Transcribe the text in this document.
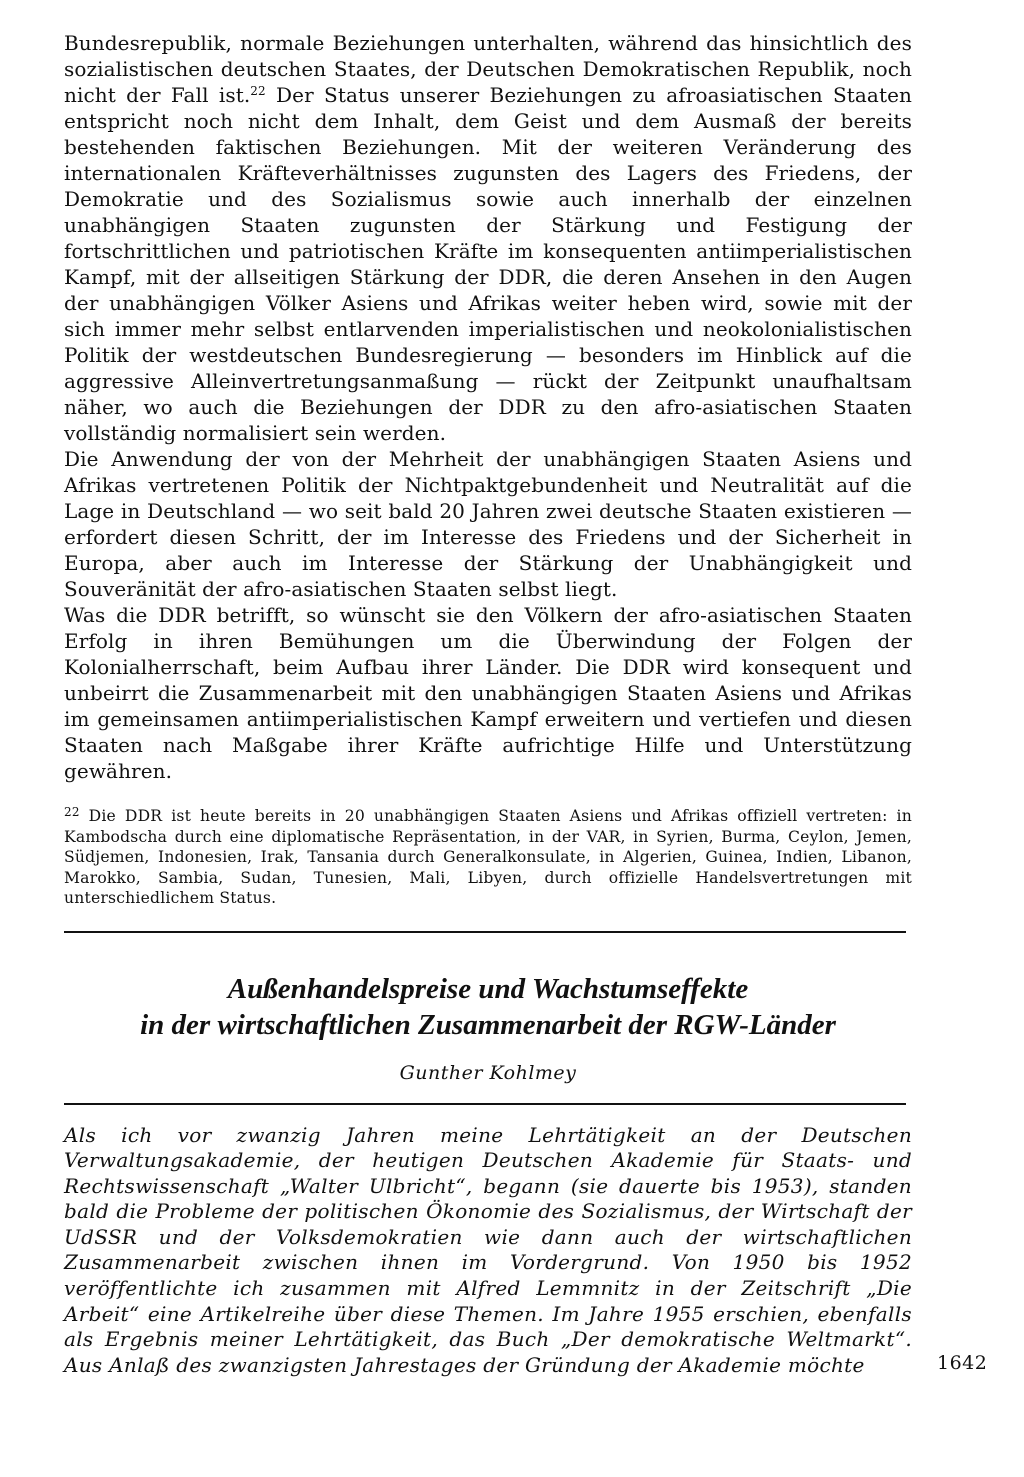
Bundesrepublik, normale Beziehungen unterhalten, während das hinsichtlich des sozialistischen deutschen Staates, der Deutschen Demokratischen Republik, noch nicht der Fall ist.$^{22}$ Der Status unserer Beziehungen zu afroasiatischen Staaten entspricht noch nicht dem Inhalt, dem Geist und dem Ausmaß der bereits bestehenden faktischen Beziehungen. Mit der weiteren Veränderung des internationalen Kräfteverhältnisses zugunsten des Lagers des Friedens, der Demokratie und des Sozialismus sowie auch innerhalb der einzelnen unabhängigen Staaten zugunsten der Stärkung und Festigung der fortschrittlichen und patriotischen Kräfte im konsequenten antiimperialistischen Kampf, mit der allseitigen Stärkung der DDR, die deren Ansehen in den Augen der unabhängigen Völker Asiens und Afrikas weiter heben wird, sowie mit der sich immer mehr selbst entlarvenden imperialistischen und neokolonialistischen Politik der westdeutschen Bundesregierung — besonders im Hinblick auf die aggressive Alleinvertretungsanmaßung — rückt der Zeitpunkt unaufhaltsam näher, wo auch die Beziehungen der DDR zu den afro-asiatischen Staaten vollständig normalisiert sein werden.

Die Anwendung der von der Mehrheit der unabhängigen Staaten Asiens und Afrikas vertretenen Politik der Nichtpaktgebundenheit und Neutralität auf die Lage in Deutschland — wo seit bald 20 Jahren zwei deutsche Staaten existieren — erfordert diesen Schritt, der im Interesse des Friedens und der Sicherheit in Europa, aber auch im Interesse der Stärkung der Unabhängigkeit und Souveränität der afro-asiatischen Staaten selbst liegt.

Was die DDR betrifft, so wünscht sie den Völkern der afro-asiatischen Staaten Erfolg in ihren Bemühungen um die Überwindung der Folgen der Kolonialherrschaft, beim Aufbau ihrer Länder. Die DDR wird konsequent und unbeirrt die Zusammenarbeit mit den unabhängigen Staaten Asiens und Afrikas im gemeinsamen antiimperialistischen Kampf erweitern und vertiefen und diesen Staaten nach Maßgabe ihrer Kräfte aufrichtige Hilfe und Unterstützung gewähren.

$^{22}$ Die DDR ist heute bereits in 20 unabhängigen Staaten Asiens und Afrikas offiziell vertreten: in Kambodscha durch eine diplomatische Repräsentation, in der VAR, in Syrien, Burma, Ceylon, Jemen, Südjemen, Indonesien, Irak, Tansania durch Generalkonsulate, in Algerien, Guinea, Indien, Libanon, Marokko, Sambia, Sudan, Tunesien, Mali, Libyen, durch offizielle Handelsvertretungen mit unterschiedlichem Status.
Außenhandelspreise und Wachstumseffekte
in der wirtschaftlichen Zusammenarbeit der RGW-Länder
Gunther Kohlmey
Als ich vor zwanzig Jahren meine Lehrtätigkeit an der Deutschen Verwaltungsakademie, der heutigen Deutschen Akademie für Staats- und Rechtswissenschaft „Walter Ulbricht“, begann (sie dauerte bis 1953), standen bald die Probleme der politischen Ökonomie des Sozialismus, der Wirtschaft der UdSSR und der Volksdemokratien wie dann auch der wirtschaftlichen Zusammenarbeit zwischen ihnen im Vordergrund. Von 1950 bis 1952 veröffentlichte ich zusammen mit Alfred Lemmnitz in der Zeitschrift „Die Arbeit“ eine Artikelreihe über diese Themen. Im Jahre 1955 erschien, ebenfalls als Ergebnis meiner Lehrtätigkeit, das Buch „Der demokratische Weltmarkt“. Aus Anlaß des zwanzigsten Jahrestages der Gründung der Akademie möchte	1642
